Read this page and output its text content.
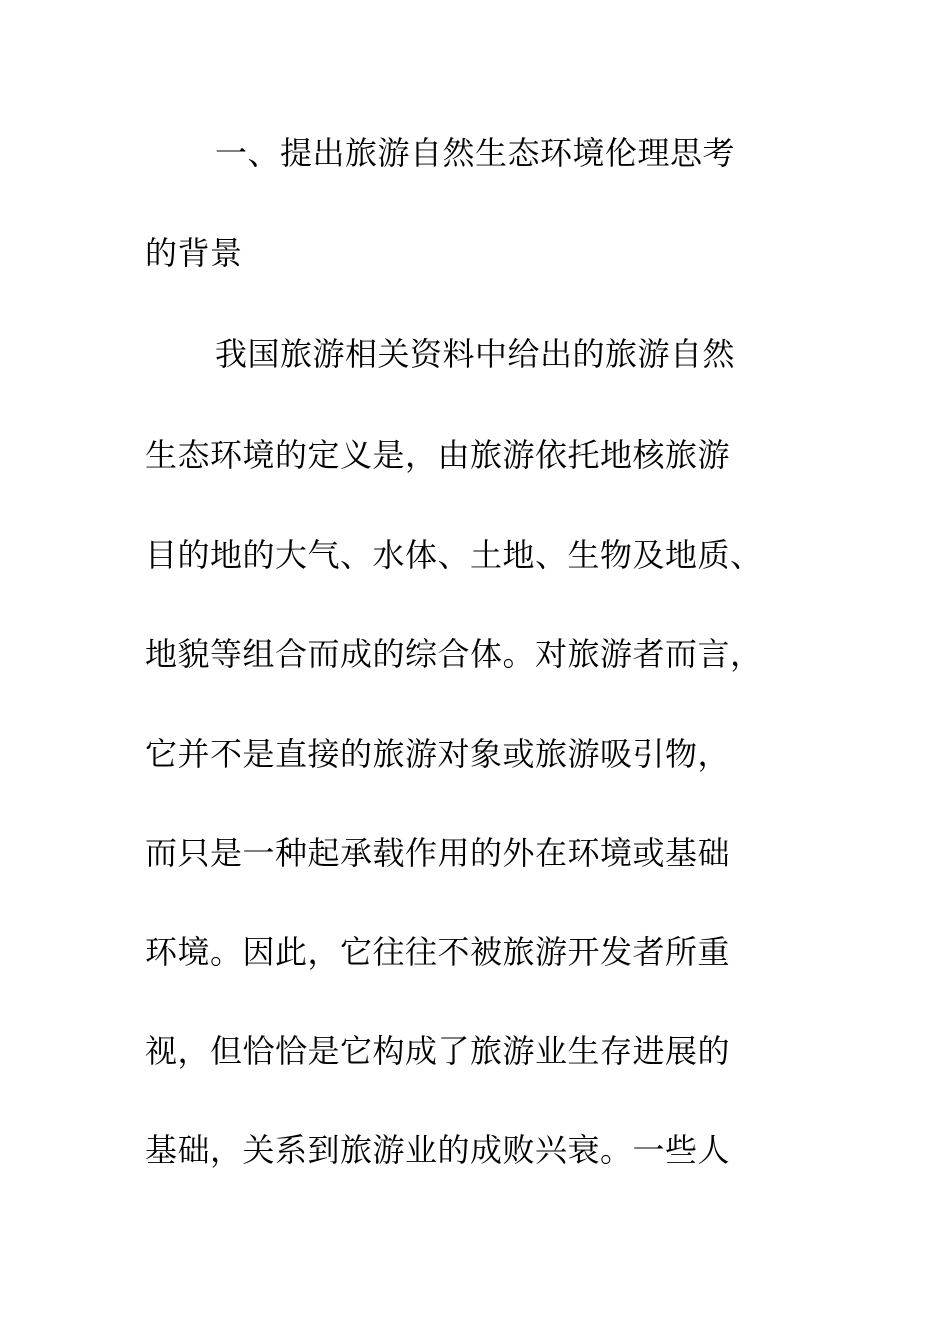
一、提出旅游自然生态环境伦理思考
的背景
我国旅游相关资料中给出的旅游自然
生态环境的定义是，由旅游依托地核旅游
目的地的大气、水体、土地、生物及地质、
地貌等组合而成的综合体。对旅游者而言，
它并不是直接的旅游对象或旅游吸引物，
而只是一种起承载作用的外在环境或基础
环境。因此，它往往不被旅游开发者所重
视，但恰恰是它构成了旅游业生存进展的
基础，关系到旅游业的成败兴衰。一些人
